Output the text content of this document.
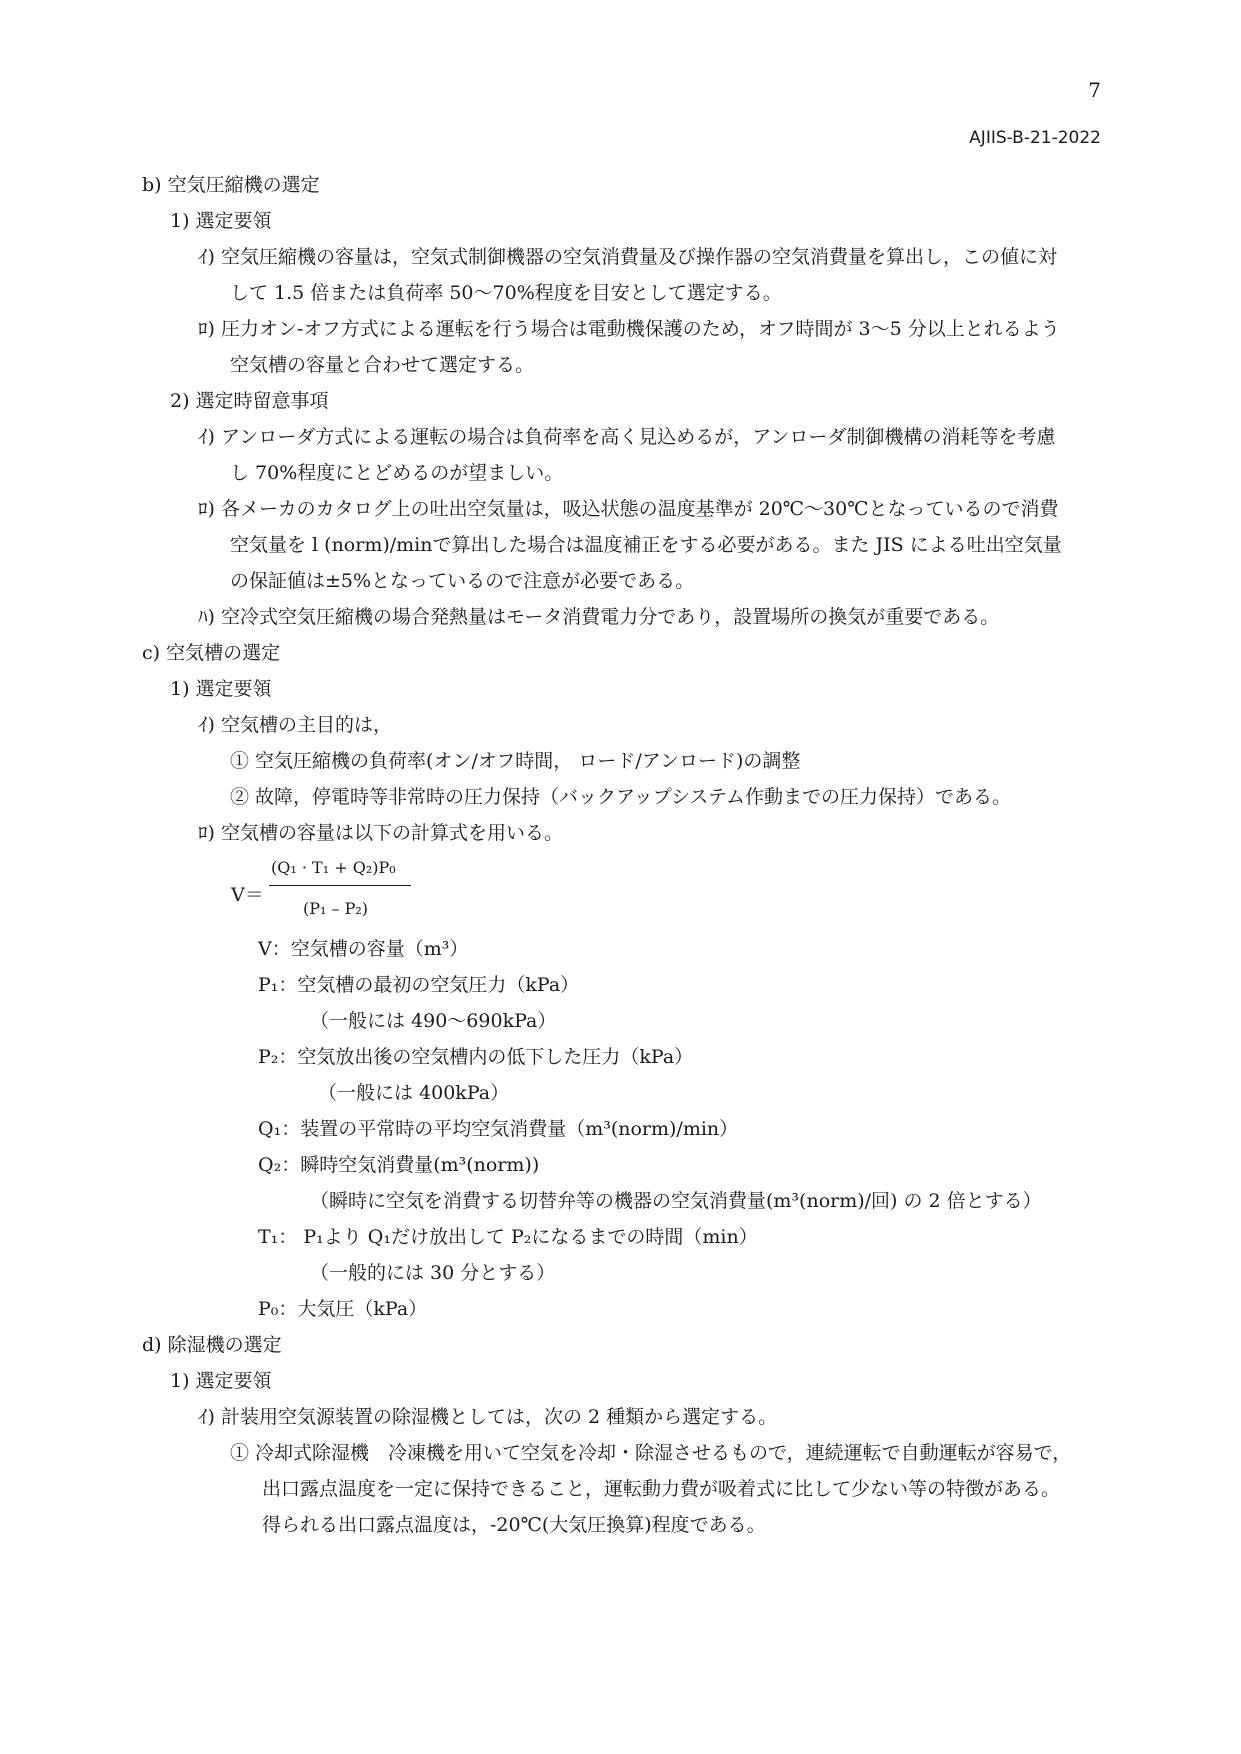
7
AJIIS-B-21-2022
b) 空気圧縮機の選定
1) 選定要領
ｲ) 空気圧縮機の容量は，空気式制御機器の空気消費量及び操作器の空気消費量を算出し，この値に対
して 1.5 倍または負荷率 50〜70%程度を目安として選定する。
ﾛ) 圧力オン-オフ方式による運転を行う場合は電動機保護のため，オフ時間が 3〜5 分以上とれるよう
空気槽の容量と合わせて選定する。
2) 選定時留意事項
ｲ) アンローダ方式による運転の場合は負荷率を高く見込めるが，アンローダ制御機構の消耗等を考慮
し 70%程度にとどめるのが望ましい。
ﾛ) 各メーカのカタログ上の吐出空気量は，吸込状態の温度基準が 20℃〜30℃となっているので消費
空気量を l (norm)/minで算出した場合は温度補正をする必要がある。また JIS による吐出空気量
の保証値は±5%となっているので注意が必要である。
ﾊ) 空冷式空気圧縮機の場合発熱量はモータ消費電力分であり，設置場所の換気が重要である。
c) 空気槽の選定
1) 選定要領
ｲ) 空気槽の主目的は，
① 空気圧縮機の負荷率(オン/オフ時間， ロード/アンロード)の調整
② 故障，停電時等非常時の圧力保持（バックアップシステム作動までの圧力保持）である。
ﾛ) 空気槽の容量は以下の計算式を用いる。
V＝
(Q₁ · T₁ + Q₂)P₀
(P₁ – P₂)
V：空気槽の容量（m³）
P₁：空気槽の最初の空気圧力（kPa）
（一般には 490〜690kPa）
P₂：空気放出後の空気槽内の低下した圧力（kPa）
（一般には 400kPa）
Q₁：装置の平常時の平均空気消費量（m³(norm)/min）
Q₂：瞬時空気消費量(m³(norm))
（瞬時に空気を消費する切替弁等の機器の空気消費量(m³(norm)/回) の 2 倍とする）
T₁： P₁より Q₁だけ放出して P₂になるまでの時間（min）
（一般的には 30 分とする）
P₀：大気圧（kPa）
d) 除湿機の選定
1) 選定要領
ｲ) 計装用空気源装置の除湿機としては，次の 2 種類から選定する。
① 冷却式除湿機　冷凍機を用いて空気を冷却・除湿させるもので，連続運転で自動運転が容易で，
出口露点温度を一定に保持できること，運転動力費が吸着式に比して少ない等の特徴がある。
得られる出口露点温度は，-20℃(大気圧換算)程度である。
